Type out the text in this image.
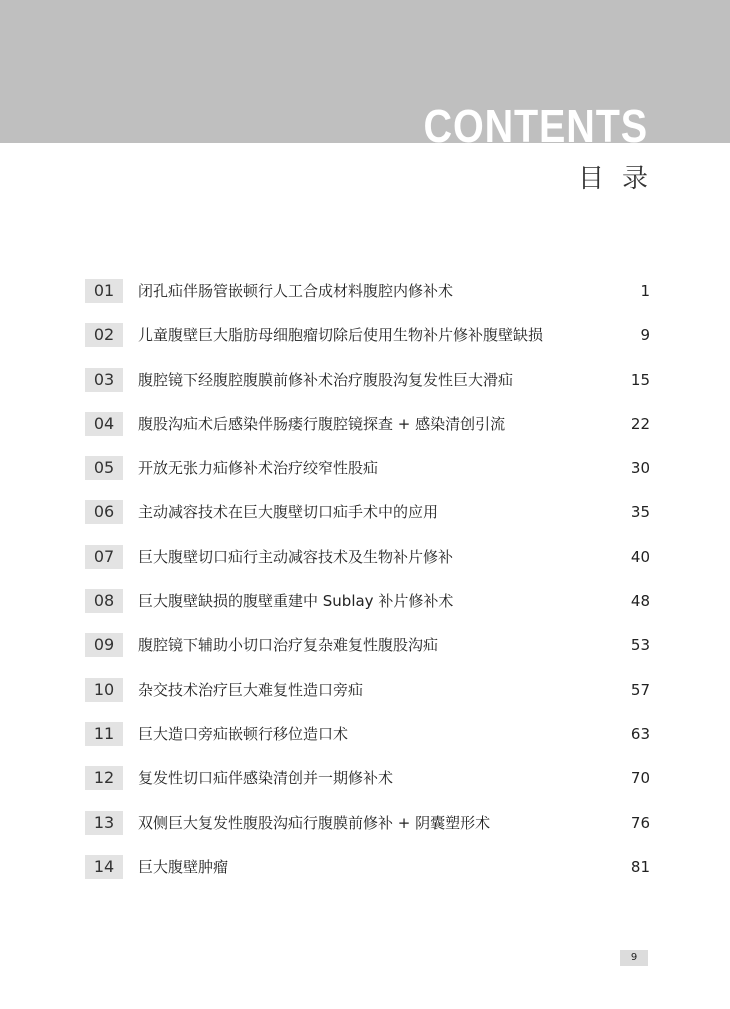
CONTENTS
目录
01	闭孔疝伴肠管嵌顿行人工合成材料腹腔内修补术	1
02	儿童腹壁巨大脂肪母细胞瘤切除后使用生物补片修补腹壁缺损	9
03	腹腔镜下经腹腔腹膜前修补术治疗腹股沟复发性巨大滑疝	15
04	腹股沟疝术后感染伴肠瘘行腹腔镜探查 + 感染清创引流	22
05	开放无张力疝修补术治疗绞窄性股疝	30
06	主动减容技术在巨大腹壁切口疝手术中的应用	35
07	巨大腹壁切口疝行主动减容技术及生物补片修补	40
08	巨大腹壁缺损的腹壁重建中 Sublay 补片修补术	48
09	腹腔镜下辅助小切口治疗复杂难复性腹股沟疝	53
10	杂交技术治疗巨大难复性造口旁疝	57
11	巨大造口旁疝嵌顿行移位造口术	63
12	复发性切口疝伴感染清创并一期修补术	70
13	双侧巨大复发性腹股沟疝行腹膜前修补 + 阴囊塑形术	76
14	巨大腹壁肿瘤	81
9
